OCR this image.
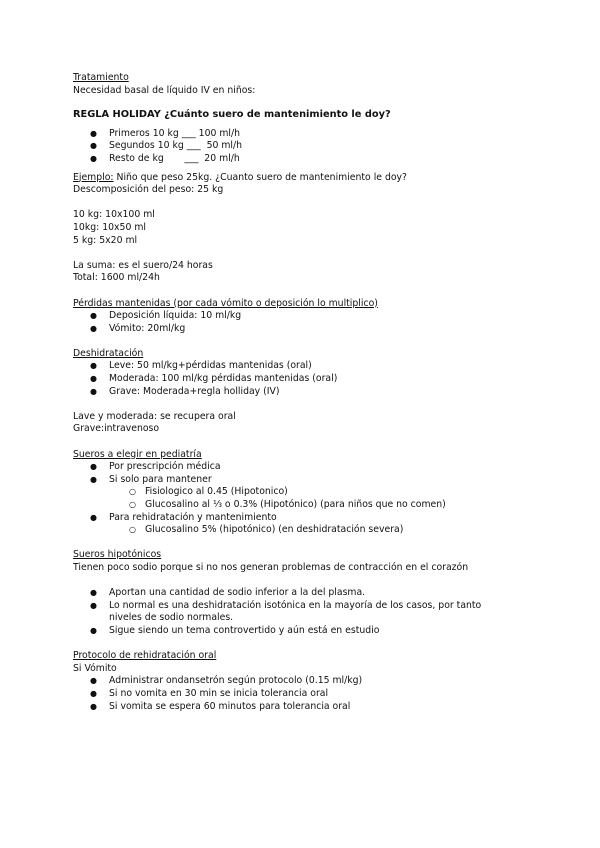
Tratamiento
Necesidad basal de líquido IV en niños:
REGLA HOLIDAY ¿Cuánto suero de mantenimiento le doy?
● Primeros 10 kg ___ 100 ml/h
● Segundos 10 kg ___  50 ml/h
● Resto de kg       ___  20 ml/h
Ejemplo: Niño que peso 25kg. ¿Cuanto suero de mantenimiento le doy?
Descomposición del peso: 25 kg
10 kg: 10x100 ml
10kg: 10x50 ml
5 kg: 5x20 ml
La suma: es el suero/24 horas
Total: 1600 ml/24h
Pérdidas mantenidas (por cada vómito o deposición lo multiplico)
● Deposición líquida: 10 ml/kg
● Vómito: 20ml/kg
Deshidratación
● Leve: 50 ml/kg+pérdidas mantenidas (oral)
● Moderada: 100 ml/kg pérdidas mantenidas (oral)
● Grave: Moderada+regla holliday (IV)
Lave y moderada: se recupera oral
Grave:intravenoso
Sueros a elegir en pediatría
● Por prescripción médica
● Si solo para mantener
○ Fisiologico al 0.45 (Hipotonico)
○ Glucosalino al ⅓ o 0.3% (Hipotónico) (para niños que no comen)
● Para rehidratación y mantenimiento
○ Glucosalino 5% (hipotónico) (en deshidratación severa)
Sueros hipotónicos
Tienen poco sodio porque si no nos generan problemas de contracción en el corazón
● Aportan una cantidad de sodio inferior a la del plasma.
● Lo normal es una deshidratación isotónica en la mayoría de los casos, por tanto niveles de sodio normales.
● Sigue siendo un tema controvertido y aún está en estudio
Protocolo de rehidratación oral
Si Vómito
● Administrar ondansetrón según protocolo (0.15 ml/kg)
● Si no vomita en 30 min se inicia tolerancia oral
● Si vomita se espera 60 minutos para tolerancia oral
